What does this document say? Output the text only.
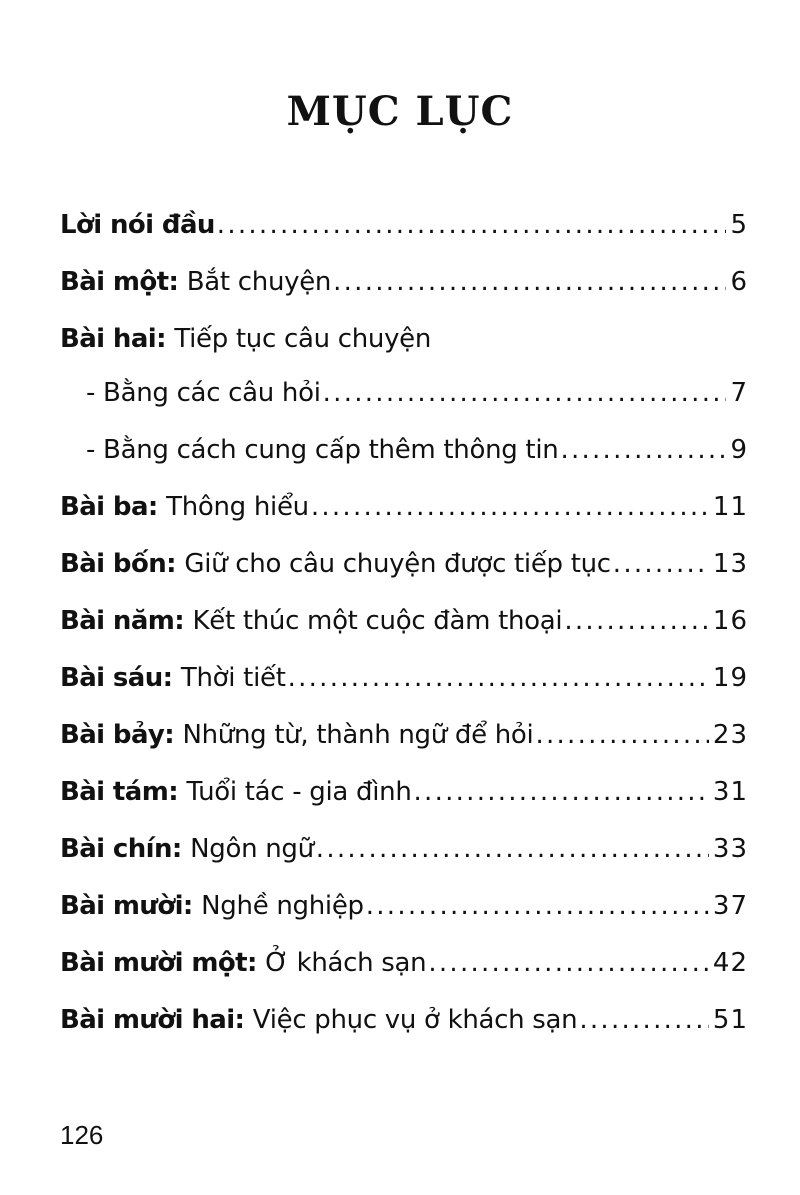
MỤC LỤC
Lời nói đầu . . .	5
Bài một : Bắt chuyện . . .	6
Bài hai : Tiếp tục câu chuyện
- Bằng các câu hỏi . . .	7
- Bằng cách cung cấp thêm thông tin . . .	9
Bài ba : Thông hiểu . . .	11
Bài bốn : Giữ cho câu chuyện được tiếp tục . . .	13
Bài năm : Kết thúc một cuộc đàm thoại . . .	16
Bài sáu : Thời tiết . . .	19
Bài bảy : Những từ, thành ngữ để hỏi . . .	23
Bài tám : Tuổi tác - gia đình . . .	31
Bài chín : Ngôn ngữ . . .	33
Bài mười : Nghề nghiệp . . .	37
Bài mười một : Ở khách sạn . . .	42
Bài mười hai : Việc phục vụ ở khách sạn . . .	51
126
